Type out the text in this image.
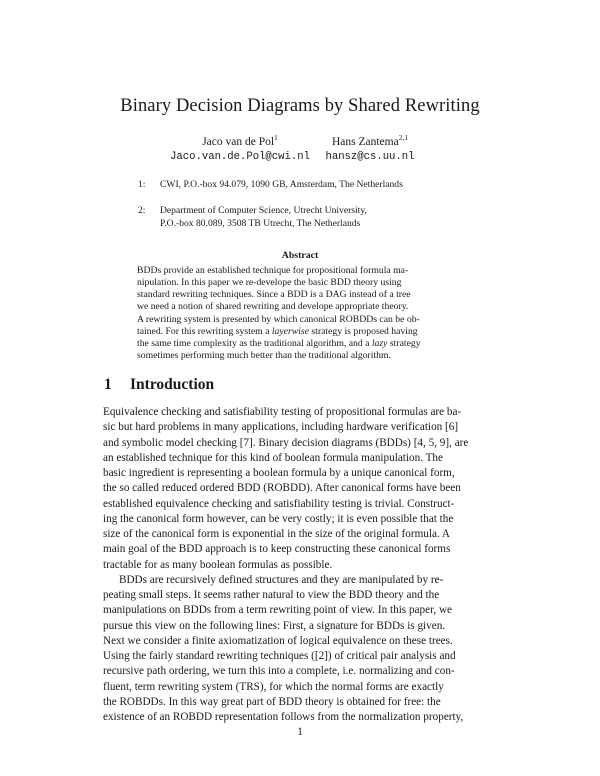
Binary Decision Diagrams by Shared Rewriting
Jaco van de Pol$^1$
Jaco.van.de.Pol@cwi.nl
Hans Zantema$^{2,1}$
hansz@cs.uu.nl
1: CWI, P.O.-box 94.079, 1090 GB, Amsterdam, The Netherlands
2: Department of Computer Science, Utrecht University,
P.O.-box 80.089, 3508 TB Utrecht, The Netherlands
Abstract
BDDs provide an established technique for propositional formula ma-
nipulation. In this paper we re-develope the basic BDD theory using
standard rewriting techniques. Since a BDD is a DAG instead of a tree
we need a notion of shared rewriting and develope appropriate theory.
A rewriting system is presented by which canonical ROBDDs can be ob-
tained. For this rewriting system a layerwise strategy is proposed having
the same time complexity as the traditional algorithm, and a lazy strategy
sometimes performing much better than the traditional algorithm.
1 Introduction
Equivalence checking and satisfiability testing of propositional formulas are ba-
sic but hard problems in many applications, including hardware verification [6]
and symbolic model checking [7]. Binary decision diagrams (BDDs) [4, 5, 9], are
an established technique for this kind of boolean formula manipulation. The
basic ingredient is representing a boolean formula by a unique canonical form,
the so called reduced ordered BDD (ROBDD). After canonical forms have been
established equivalence checking and satisfiability testing is trivial. Construct-
ing the canonical form however, can be very costly; it is even possible that the
size of the canonical form is exponential in the size of the original formula. A
main goal of the BDD approach is to keep constructing these canonical forms
tractable for as many boolean formulas as possible.
BDDs are recursively defined structures and they are manipulated by re-
peating small steps. It seems rather natural to view the BDD theory and the
manipulations on BDDs from a term rewriting point of view. In this paper, we
pursue this view on the following lines: First, a signature for BDDs is given.
Next we consider a finite axiomatization of logical equivalence on these trees.
Using the fairly standard rewriting techniques ([2]) of critical pair analysis and
recursive path ordering, we turn this into a complete, i.e. normalizing and con-
fluent, term rewriting system (TRS), for which the normal forms are exactly
the ROBDDs. In this way great part of BDD theory is obtained for free: the
existence of an ROBDD representation follows from the normalization property,
1
